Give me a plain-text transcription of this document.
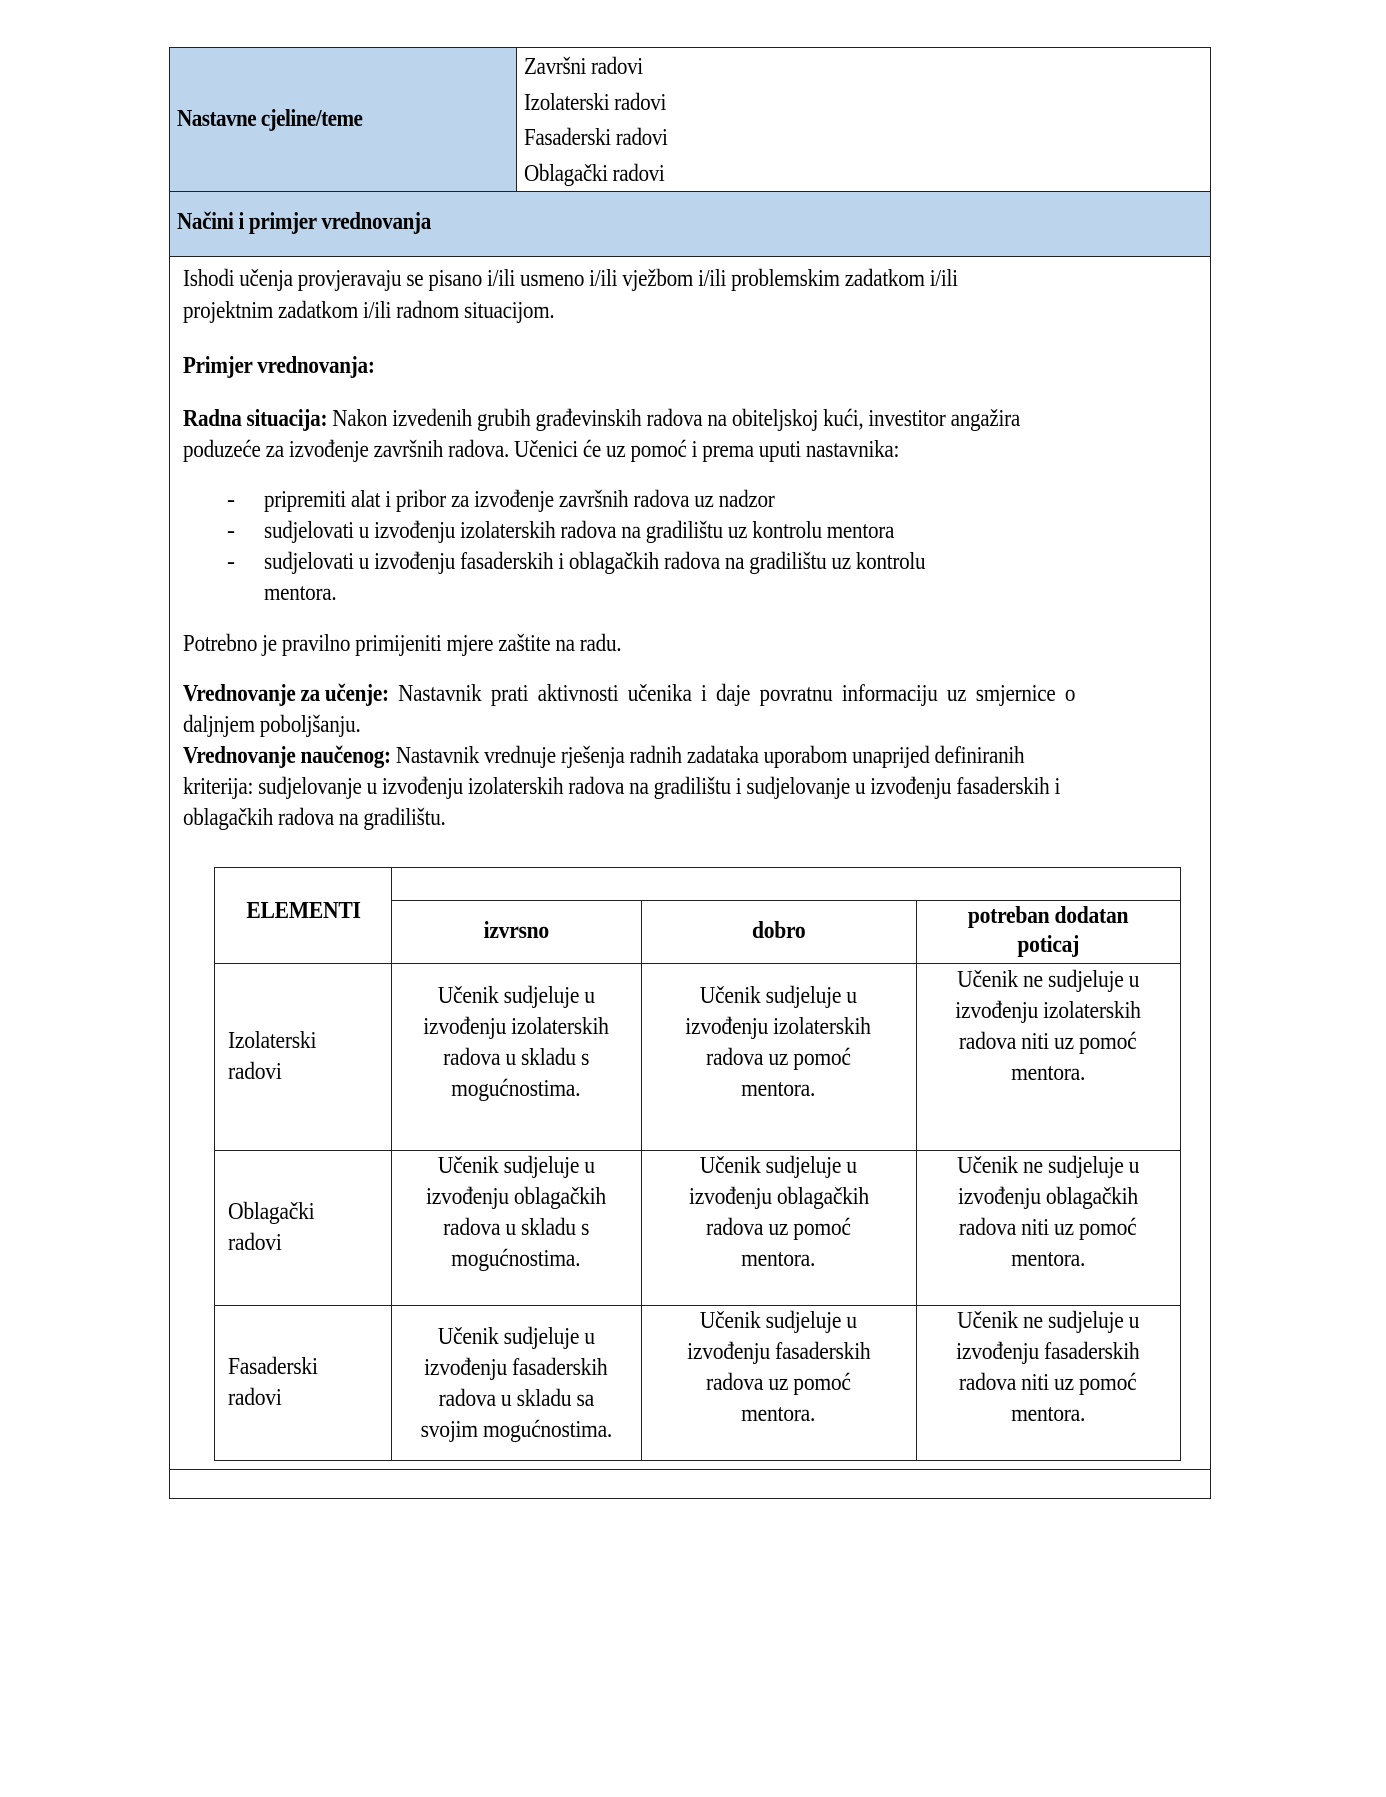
Nastavne cjeline/teme
Završni radovi
Izolaterski radovi
Fasaderski radovi
Oblagački radovi
Načini i primjer vrednovanja
Ishodi učenja provjeravaju se pisano i/ili usmeno i/ili vježbom i/ili problemskim zadatkom i/ili
projektnim zadatkom i/ili radnom situacijom.
Primjer vrednovanja:
Radna situacija: Nakon izvedenih grubih građevinskih radova na obiteljskoj kući, investitor angažira
poduzeće za izvođenje završnih radova. Učenici će uz pomoć i prema uputi nastavnika:
- pripremiti alat i pribor za izvođenje završnih radova uz nadzor
- sudjelovati u izvođenju izolaterskih radova na gradilištu uz kontrolu mentora
- sudjelovati u izvođenju fasaderskih i oblagačkih radova na gradilištu uz kontrolu
mentora.
Potrebno je pravilno primijeniti mjere zaštite na radu.
Vrednovanje za učenje: Nastavnik prati aktivnosti učenika i daje povratnu informaciju uz smjernice o
daljnjem poboljšanju.
Vrednovanje naučenog: Nastavnik vrednuje rješenja radnih zadataka uporabom unaprijed definiranih
kriterija: sudjelovanje u izvođenju izolaterskih radova na gradilištu i sudjelovanje u izvođenju fasaderskih i
oblagačkih radova na gradilištu.
ELEMENTI
izvrsno	dobro
potreban dodatan
poticaj
Izolaterski
radovi
Učenik sudjeluje u
izvođenju izolaterskih
radova u skladu s
mogućnostima.
Učenik sudjeluje u
izvođenju izolaterskih
radova uz pomoć
mentora.
Učenik ne sudjeluje u
izvođenju izolaterskih
radova niti uz pomoć
mentora.
Oblagački
radovi
Učenik sudjeluje u
izvođenju oblagačkih
radova u skladu s
mogućnostima.
Učenik sudjeluje u
izvođenju oblagačkih
radova uz pomoć
mentora.
Učenik ne sudjeluje u
izvođenju oblagačkih
radova niti uz pomoć
mentora.
Fasaderski
radovi
Učenik sudjeluje u
izvođenju fasaderskih
radova u skladu sa
svojim mogućnostima.
Učenik sudjeluje u
izvođenju fasaderskih
radova uz pomoć
mentora.
Učenik ne sudjeluje u
izvođenju fasaderskih
radova niti uz pomoć
mentora.
